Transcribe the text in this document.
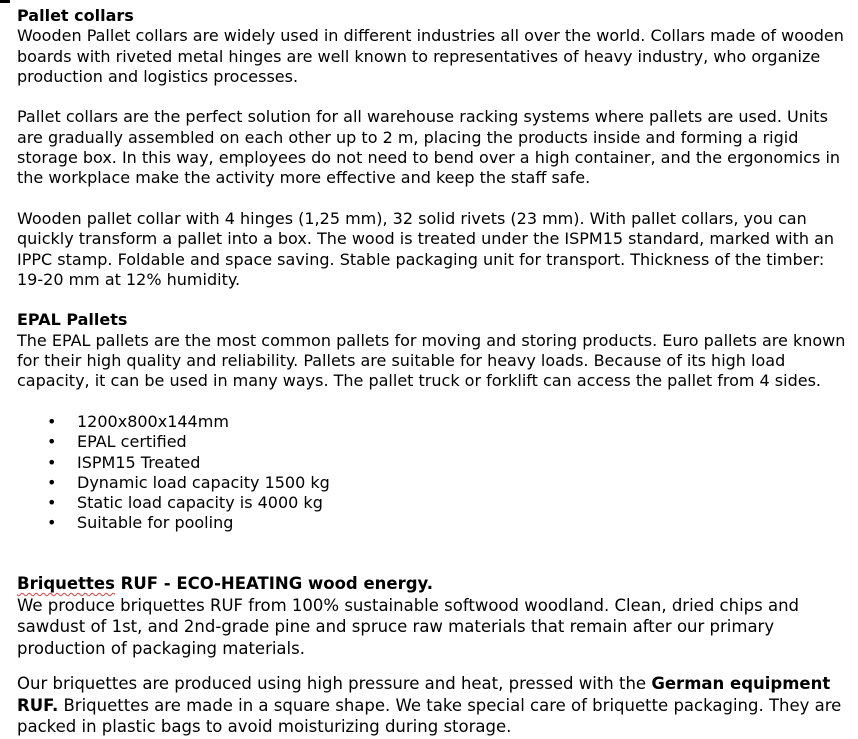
Pallet collars

Wooden Pallet collars are widely used in different industries all over the world. Collars made of wooden boards with riveted metal hinges are well known to representatives of heavy industry, who organize production and logistics processes.

Pallet collars are the perfect solution for all warehouse racking systems where pallets are used. Units are gradually assembled on each other up to 2 m, placing the products inside and forming a rigid storage box. In this way, employees do not need to bend over a high container, and the ergonomics in the workplace make the activity more effective and keep the staff safe.

Wooden pallet collar with 4 hinges (1,25 mm), 32 solid rivets (23 mm). With pallet collars, you can quickly transform a pallet into a box. The wood is treated under the ISPM15 standard, marked with an IPPC stamp. Foldable and space saving. Stable packaging unit for transport. Thickness of the timber: 19-20 mm at 12% humidity.

EPAL Pallets

The EPAL pallets are the most common pallets for moving and storing products. Euro pallets are known for their high quality and reliability. Pallets are suitable for heavy loads. Because of its high load capacity, it can be used in many ways. The pallet truck or forklift can access the pallet from 4 sides.

• 1200x800x144mm
• EPAL certified
• ISPM15 Treated
• Dynamic load capacity 1500 kg
• Static load capacity is 4000 kg
• Suitable for pooling

Briquettes RUF - ECO-HEATING wood energy.

We produce briquettes RUF from 100% sustainable softwood woodland. Clean, dried chips and sawdust of 1st, and 2nd-grade pine and spruce raw materials that remain after our primary production of packaging materials.

Our briquettes are produced using high pressure and heat, pressed with the German equipment RUF. Briquettes are made in a square shape. We take special care of briquette packaging. They are packed in plastic bags to avoid moisturizing during storage.
